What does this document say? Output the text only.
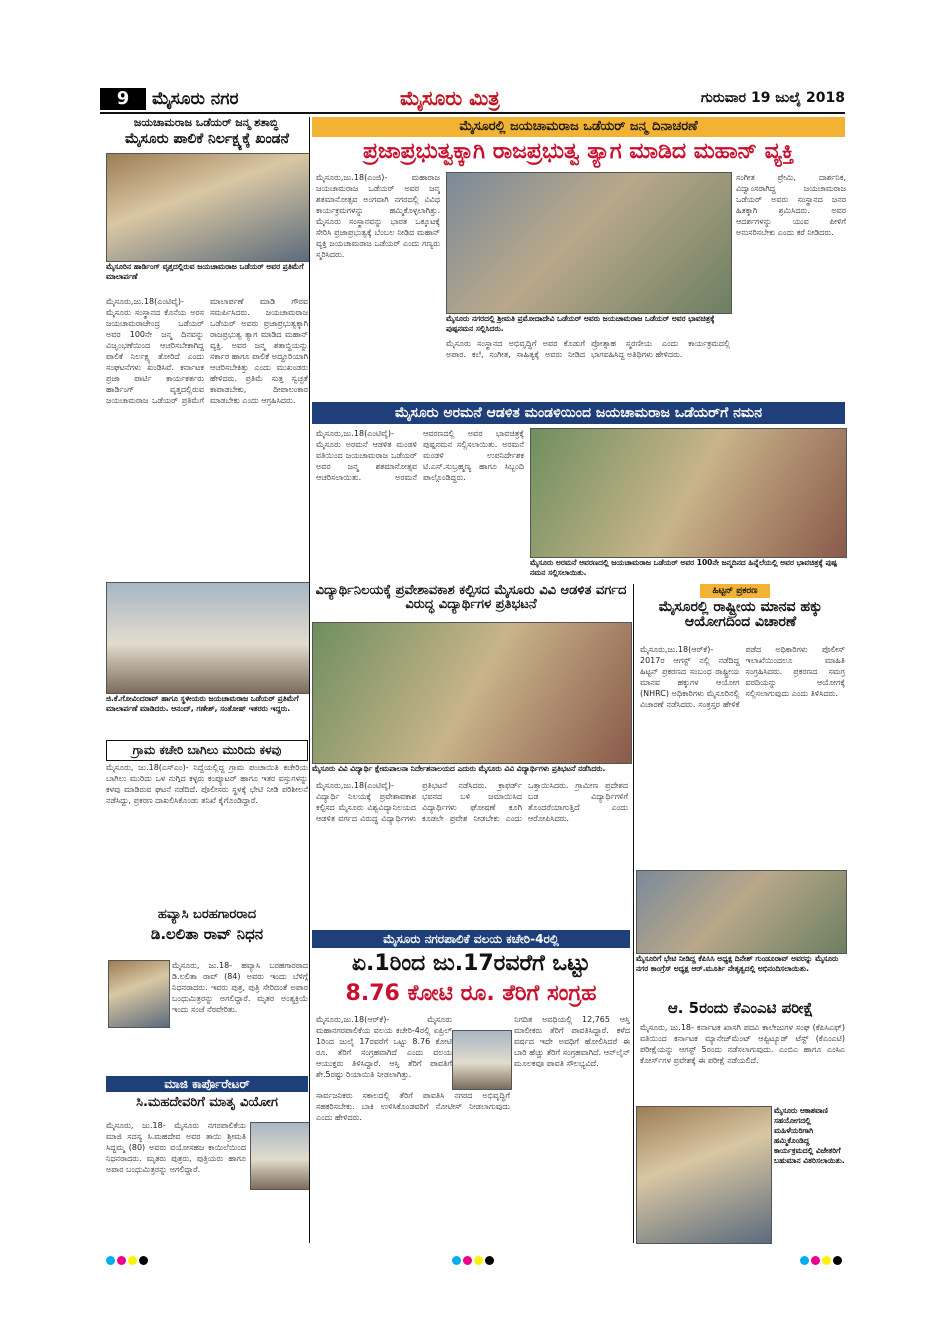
9	ಮೈಸೂರು ನಗರ	ಮೈಸೂರು ಮಿತ್ರ	ಗುರುವಾರ 19 ಜುಲೈ 2018
ಜಯಚಾಮರಾಜ ಒಡೆಯರ್ ಜನ್ಮ ಶತಾಬ್ಧಿ
ಮೈಸೂರು ಪಾಲಿಕೆ ನಿರ್ಲಕ್ಷ್ಯಕ್ಕೆ ಖಂಡನೆ
ಮೈಸೂರಿನ ಹಾರ್ಡಿಂಗ್ ವೃತ್ತದಲ್ಲಿರುವ ಜಯಚಾಮರಾಜ ಒಡೆಯರ್ ಅವರ ಪ್ರತಿಮೆಗೆ ಮಾಲಾರ್ಪಣೆ
ಮೈಸೂರು,ಜು.18(ಎಂಟಿವೈ)- ಮೈಸೂರು ಸಂಸ್ಥಾನದ ಕೊನೆಯ ಅರಸ ಜಯಚಾಮರಾಜೇಂದ್ರ ಒಡೆಯರ್ ಅವರ 100ನೇ ಜನ್ಮ ದಿನವನ್ನು ವಿಜೃಂಭಣೆಯಿಂದ ಆಚರಿಸಬೇಕಾಗಿದ್ದ ಪಾಲಿಕೆ ನಿರ್ಲಕ್ಷ್ಯ ತೋರಿದೆ ಎಂದು ಸಂಘಟನೆಗಳು ಖಂಡಿಸಿವೆ. ಕರ್ನಾಟಕ ಪ್ರಜಾ ಪಾರ್ಟಿ ಕಾರ್ಯಕರ್ತರು ಹಾರ್ಡಿಂಗ್ ವೃತ್ತದಲ್ಲಿರುವ ಜಯಚಾಮರಾಜ ಒಡೆಯರ್ ಪ್ರತಿಮೆಗೆ ಮಾಲಾರ್ಪಣೆ ಮಾಡಿ ಗೌರವ ಸಮರ್ಪಿಸಿದರು. ಜಯಚಾಮರಾಜ ಒಡೆಯರ್ ಅವರು ಪ್ರಜಾಪ್ರಭುತ್ವಕ್ಕಾಗಿ ರಾಜಪ್ರಭುತ್ವ ತ್ಯಾಗ ಮಾಡಿದ ಮಹಾನ್ ವ್ಯಕ್ತಿ. ಅವರ ಜನ್ಮ ಶತಾಬ್ಧಿಯನ್ನು ಸರ್ಕಾರ ಹಾಗೂ ಪಾಲಿಕೆ ಅದ್ಧೂರಿಯಾಗಿ ಆಚರಿಸಬೇಕಿತ್ತು ಎಂದು ಮುಖಂಡರು ಹೇಳಿದರು. ಪ್ರತಿಮೆ ಸುತ್ತ ಸ್ವಚ್ಛತೆ ಕಾಪಾಡಬೇಕು, ದೀಪಾಲಂಕಾರ ಮಾಡಬೇಕು ಎಂದು ಆಗ್ರಹಿಸಿದರು.
ಮೈಸೂರಲ್ಲಿ ಜಯಚಾಮರಾಜ ಒಡೆಯರ್ ಜನ್ಮ ದಿನಾಚರಣೆ
ಪ್ರಜಾಪ್ರಭುತ್ವಕ್ಕಾಗಿ ರಾಜಪ್ರಭುತ್ವ ತ್ಯಾಗ ಮಾಡಿದ ಮಹಾನ್ ವ್ಯಕ್ತಿ
ಮೈಸೂರು,ಜು.18(ಎಂಜಿ)- ಮಹಾರಾಜ ಜಯಚಾಮರಾಜ ಒಡೆಯರ್ ಅವರ ಜನ್ಮ ಶತಮಾನೋತ್ಸವ ಅಂಗವಾಗಿ ನಗರದಲ್ಲಿ ವಿವಿಧ ಕಾರ್ಯಕ್ರಮಗಳನ್ನು ಹಮ್ಮಿಕೊಳ್ಳಲಾಗಿತ್ತು. ಮೈಸೂರು ಸಂಸ್ಥಾನವನ್ನು ಭಾರತ ಒಕ್ಕೂಟಕ್ಕೆ ಸೇರಿಸಿ ಪ್ರಜಾಪ್ರಭುತ್ವಕ್ಕೆ ಬೆಂಬಲ ನೀಡಿದ ಮಹಾನ್ ವ್ಯಕ್ತಿ ಜಯಚಾಮರಾಜ ಒಡೆಯರ್ ಎಂದು ಗಣ್ಯರು ಸ್ಮರಿಸಿದರು.
ಮೈಸೂರು ನಗರದಲ್ಲಿ ಶ್ರೀಮತಿ ಪ್ರಮೋದಾದೇವಿ ಒಡೆಯರ್ ಅವರು ಜಯಚಾಮರಾಜ ಒಡೆಯರ್ ಅವರ ಭಾವಚಿತ್ರಕ್ಕೆ ಪುಷ್ಪನಮನ ಸಲ್ಲಿಸಿದರು.
ಮೈಸೂರು ಸಂಸ್ಥಾನದ ಅಭಿವೃದ್ಧಿಗೆ ಅವರ ಕೊಡುಗೆ ಅಪಾರ. ಕಲೆ, ಸಂಗೀತ, ಸಾಹಿತ್ಯಕ್ಕೆ ಅವರು ನೀಡಿದ ಪ್ರೋತ್ಸಾಹ ಸ್ಮರಣೀಯ ಎಂದು ಕಾರ್ಯಕ್ರಮದಲ್ಲಿ ಭಾಗವಹಿಸಿದ್ದ ಅತಿಥಿಗಳು ಹೇಳಿದರು.
ಸಂಗೀತ ಪ್ರೇಮಿ, ದಾರ್ಶನಿಕ, ವಿದ್ವಾಂಸರಾಗಿದ್ದ ಜಯಚಾಮರಾಜ ಒಡೆಯರ್ ಅವರು ಸಂಸ್ಥಾನದ ಜನರ ಹಿತಕ್ಕಾಗಿ ಶ್ರಮಿಸಿದರು. ಅವರ ಆದರ್ಶಗಳನ್ನು ಯುವ ಪೀಳಿಗೆ ಅನುಸರಿಸಬೇಕು ಎಂದು ಕರೆ ನೀಡಿದರು.
ಮೈಸೂರು ಅರಮನೆ ಆಡಳಿತ ಮಂಡಳಿಯಿಂದ ಜಯಚಾಮರಾಜ ಒಡೆಯರ್‌ಗೆ ನಮನ
ಮೈಸೂರು,ಜು.18(ಎಂಟಿವೈ)- ಮೈಸೂರು ಅರಮನೆ ಆಡಳಿತ ಮಂಡಳಿ ವತಿಯಿಂದ ಜಯಚಾಮರಾಜ ಒಡೆಯರ್ ಅವರ ಜನ್ಮ ಶತಮಾನೋತ್ಸವ ಆಚರಿಸಲಾಯಿತು. ಅರಮನೆ ಆವರಣದಲ್ಲಿ ಅವರ ಭಾವಚಿತ್ರಕ್ಕೆ ಪುಷ್ಪನಮನ ಸಲ್ಲಿಸಲಾಯಿತು. ಅರಮನೆ ಮಂಡಳಿ ಉಪನಿರ್ದೇಶಕ ಟಿ.ಎಸ್.ಸುಬ್ರಹ್ಮಣ್ಯ ಹಾಗೂ ಸಿಬ್ಬಂದಿ ಪಾಲ್ಗೊಂಡಿದ್ದರು.
ಮೈಸೂರು ಅರಮನೆ ಆವರಣದಲ್ಲಿ ಜಯಚಾಮರಾಜ ಒಡೆಯರ್ ಅವರ 100ನೇ ಜನ್ಮದಿನದ ಹಿನ್ನೆಲೆಯಲ್ಲಿ ಅವರ ಭಾವಚಿತ್ರಕ್ಕೆ ಪುಷ್ಪ ನಮನ ಸಲ್ಲಿಸಲಾಯಿತು.
ಜಿ.ಕೆ.ಗೋವಿಂದರಾವ್ ಹಾಗೂ ಸ್ಥಳೀಯರು ಜಯಚಾಮರಾಜ ಒಡೆಯರ್ ಪ್ರತಿಮೆಗೆ ಮಾಲಾರ್ಪಣೆ ಮಾಡಿದರು. ಆನಂದ್, ಗಣೇಶ್, ಸಂತೋಷ್ ಇತರರು ಇದ್ದರು.
ವಿದ್ಯಾರ್ಥಿನಿಲಯಕ್ಕೆ ಪ್ರವೇಶಾವಕಾಶ ಕಲ್ಪಿಸದ ಮೈಸೂರು ವಿವಿ ಆಡಳಿತ ವರ್ಗದ ವಿರುದ್ಧ ವಿದ್ಯಾರ್ಥಿಗಳ ಪ್ರತಿಭಟನೆ
ಮೈಸೂರು ವಿವಿ ವಿದ್ಯಾರ್ಥಿ ಕ್ಷೇಮಪಾಲನಾ ನಿರ್ದೇಶನಾಲಯದ ಎದುರು ಮೈಸೂರು ವಿವಿ ವಿದ್ಯಾರ್ಥಿಗಳು ಪ್ರತಿಭಟನೆ ನಡೆಸಿದರು.
ಮೈಸೂರು,ಜು.18(ಎಂಟಿವೈ)- ವಿದ್ಯಾರ್ಥಿ ನಿಲಯಕ್ಕೆ ಪ್ರವೇಶಾವಕಾಶ ಕಲ್ಪಿಸದ ಮೈಸೂರು ವಿಶ್ವವಿದ್ಯಾನಿಲಯದ ಆಡಳಿತ ವರ್ಗದ ವಿರುದ್ಧ ವಿದ್ಯಾರ್ಥಿಗಳು ಪ್ರತಿಭಟನೆ ನಡೆಸಿದರು. ಕ್ರಾಫರ್ಡ್ ಭವನದ ಬಳಿ ಜಮಾಯಿಸಿದ ವಿದ್ಯಾರ್ಥಿಗಳು ಘೋಷಣೆ ಕೂಗಿ ಕೂಡಲೇ ಪ್ರವೇಶ ನೀಡಬೇಕು ಎಂದು ಒತ್ತಾಯಿಸಿದರು. ಗ್ರಾಮೀಣ ಪ್ರದೇಶದ ಬಡ ವಿದ್ಯಾರ್ಥಿಗಳಿಗೆ ತೊಂದರೆಯಾಗುತ್ತಿದೆ ಎಂದು ಆರೋಪಿಸಿದರು.
ಹಿಟ್ಟನ್ ಪ್ರಕರಣ
ಮೈಸೂರಲ್ಲಿ ರಾಷ್ಟ್ರೀಯ ಮಾನವ ಹಕ್ಕು ಆಯೋಗದಿಂದ ವಿಚಾರಣೆ
ಮೈಸೂರು,ಜು.18(ಆರ್‌ಕೆ)- 2017ರ ಆಗಸ್ಟ್ ನಲ್ಲಿ ನಡೆದಿದ್ದ ಹಿಟ್ಟನ್ ಪ್ರಕರಣದ ಸಂಬಂಧ ರಾಷ್ಟ್ರೀಯ ಮಾನವ ಹಕ್ಕುಗಳ ಆಯೋಗ (NHRC) ಅಧಿಕಾರಿಗಳು ಮೈಸೂರಿನಲ್ಲಿ ವಿಚಾರಣೆ ನಡೆಸಿದರು. ಸಂತ್ರಸ್ತರ ಹೇಳಿಕೆ ಪಡೆದ ಅಧಿಕಾರಿಗಳು ಪೊಲೀಸ್ ಇಲಾಖೆಯಿಂದಲೂ ಮಾಹಿತಿ ಸಂಗ್ರಹಿಸಿದರು. ಪ್ರಕರಣದ ಸಮಗ್ರ ವರದಿಯನ್ನು ಆಯೋಗಕ್ಕೆ ಸಲ್ಲಿಸಲಾಗುವುದು ಎಂದು ತಿಳಿಸಿದರು.
ಮೈಸೂರಿಗೆ ಭೇಟಿ ನೀಡಿದ್ದ ಕೆಪಿಸಿಸಿ ಅಧ್ಯಕ್ಷ ದಿನೇಶ್ ಗುಂಡೂರಾವ್ ಅವರನ್ನು ಮೈಸೂರು ನಗರ ಕಾಂಗ್ರೆಸ್ ಅಧ್ಯಕ್ಷ ಆರ್.ಮೂರ್ತಿ ನೇತೃತ್ವದಲ್ಲಿ ಅಭಿನಂದಿಸಲಾಯಿತು.
ಗ್ರಾಮ ಕಚೇರಿ ಬಾಗಿಲು ಮುರಿದು ಕಳವು
ಮೈಸೂರು, ಜು.18(ಎಸ್‌ಎಂ)- ನಿದ್ದೆಯಲ್ಲಿದ್ದ ಗ್ರಾಮ ಪಂಚಾಯಿತಿ ಕಚೇರಿಯ ಬಾಗಿಲು ಮುರಿದು ಒಳ ನುಗ್ಗಿದ ಕಳ್ಳರು ಕಂಪ್ಯೂಟರ್ ಹಾಗೂ ಇತರ ವಸ್ತುಗಳನ್ನು ಕಳವು ಮಾಡಿರುವ ಘಟನೆ ನಡೆದಿದೆ. ಪೊಲೀಸರು ಸ್ಥಳಕ್ಕೆ ಭೇಟಿ ನೀಡಿ ಪರಿಶೀಲನೆ ನಡೆಸಿದ್ದು, ಪ್ರಕರಣ ದಾಖಲಿಸಿಕೊಂಡು ತನಿಖೆ ಕೈಗೊಂಡಿದ್ದಾರೆ.
ಹವ್ಯಾಸಿ ಬರಹಗಾರರಾದ
ಡಿ.ಲಲಿತಾ ರಾವ್ ನಿಧನ
ಮೈಸೂರು, ಜು.18- ಹವ್ಯಾಸಿ ಬರಹಗಾರರಾದ ಡಿ.ಲಲಿತಾ ರಾವ್ (84) ಅವರು ಇಂದು ಬೆಳಿಗ್ಗೆ ನಿಧನರಾದರು. ಇವರು ಪುತ್ರ, ಪುತ್ರಿ ಸೇರಿದಂತೆ ಅಪಾರ ಬಂಧುಮಿತ್ರರನ್ನು ಅಗಲಿದ್ದಾರೆ. ಮೃತರ ಅಂತ್ಯಕ್ರಿಯೆ ಇಂದು ಸಂಜೆ ನೆರವೇರಿತು.
ಮಾಜಿ ಕಾರ್ಪೊರೇಟರ್
ಸಿ.ಮಹದೇವರಿಗೆ ಮಾತೃ ವಿಯೋಗ
ಮೈಸೂರು, ಜು.18- ಮೈಸೂರು ನಗರಪಾಲಿಕೆಯ ಮಾಜಿ ಸದಸ್ಯ ಸಿ.ಮಹದೇವ ಅವರ ತಾಯಿ ಶ್ರೀಮತಿ ಸಿದ್ದಮ್ಮ (80) ಅವರು ವಯೋಸಹಜ ಕಾಯಿಲೆಯಿಂದ ನಿಧನರಾದರು. ಮೃತರು ಪುತ್ರರು, ಪುತ್ರಿಯರು ಹಾಗೂ ಅಪಾರ ಬಂಧುಮಿತ್ರರನ್ನು ಅಗಲಿದ್ದಾರೆ.
ಮೈಸೂರು ನಗರಪಾಲಿಕೆ ವಲಯ ಕಚೇರಿ-4ರಲ್ಲಿ
ಏ.1ರಿಂದ ಜು.17ರವರೆಗೆ ಒಟ್ಟು
8.76 ಕೋಟಿ ರೂ. ತೆರಿಗೆ ಸಂಗ್ರಹ
ಮೈಸೂರು,ಜು.18(ಆರ್‌ಕೆ)- ಮೈಸೂರು ಮಹಾನಗರಪಾಲಿಕೆಯ ವಲಯ ಕಚೇರಿ-4ರಲ್ಲಿ ಏಪ್ರಿಲ್ 1ರಿಂದ ಜುಲೈ 17ರವರೆಗೆ ಒಟ್ಟು 8.76 ಕೋಟಿ ರೂ. ತೆರಿಗೆ ಸಂಗ್ರಹವಾಗಿದೆ ಎಂದು ವಲಯ ಆಯುಕ್ತರು ತಿಳಿಸಿದ್ದಾರೆ. ಆಸ್ತಿ ತೆರಿಗೆ ಪಾವತಿಗೆ ಶೇ.5ರಷ್ಟು ರಿಯಾಯಿತಿ ನೀಡಲಾಗಿತ್ತು.
ಸಾರ್ವಜನಿಕರು ಸಕಾಲದಲ್ಲಿ ತೆರಿಗೆ ಪಾವತಿಸಿ ನಗರದ ಅಭಿವೃದ್ಧಿಗೆ ಸಹಕರಿಸಬೇಕು. ಬಾಕಿ ಉಳಿಸಿಕೊಂಡವರಿಗೆ ನೋಟೀಸ್ ನೀಡಲಾಗುವುದು ಎಂದು ಹೇಳಿದರು.
ನಿಗದಿತ ಅವಧಿಯಲ್ಲಿ 12,765 ಆಸ್ತಿ ಮಾಲೀಕರು ತೆರಿಗೆ ಪಾವತಿಸಿದ್ದಾರೆ. ಕಳೆದ ವರ್ಷದ ಇದೇ ಅವಧಿಗೆ ಹೋಲಿಸಿದರೆ ಈ ಬಾರಿ ಹೆಚ್ಚು ತೆರಿಗೆ ಸಂಗ್ರಹವಾಗಿದೆ. ಆನ್‌ಲೈನ್ ಮೂಲಕವೂ ಪಾವತಿ ಸೌಲಭ್ಯವಿದೆ.
ಆ. 5ರಂದು ಕೆಎಂಎಟಿ ಪರೀಕ್ಷೆ
ಮೈಸೂರು, ಜು.18- ಕರ್ನಾಟಕ ಖಾಸಗಿ ಪದವಿ ಕಾಲೇಜುಗಳ ಸಂಘ (ಕೆಪಿಸಿಎಫ್) ವತಿಯಿಂದ ಕರ್ನಾಟಕ ಮ್ಯಾನೇಜ್‌ಮೆಂಟ್ ಆಪ್ಟಿಟ್ಯೂಡ್ ಟೆಸ್ಟ್ (ಕೆಎಂಎಟಿ) ಪರೀಕ್ಷೆಯನ್ನು ಆಗಸ್ಟ್ 5ರಂದು ನಡೆಸಲಾಗುವುದು. ಎಂಬಿಎ ಹಾಗೂ ಎಂಸಿಎ ಕೋರ್ಸ್‌ಗಳ ಪ್ರವೇಶಕ್ಕೆ ಈ ಪರೀಕ್ಷೆ ನಡೆಯಲಿದೆ.
ಮೈಸೂರು ಆಕಾಶವಾಣಿ ಸಹಯೋಗದಲ್ಲಿ ಮಹಿಳೆಯರಿಗಾಗಿ ಹಮ್ಮಿಕೊಂಡಿದ್ದ ಕಾರ್ಯಕ್ರಮದಲ್ಲಿ ವಿಜೇತರಿಗೆ ಬಹುಮಾನ ವಿತರಿಸಲಾಯಿತು.
